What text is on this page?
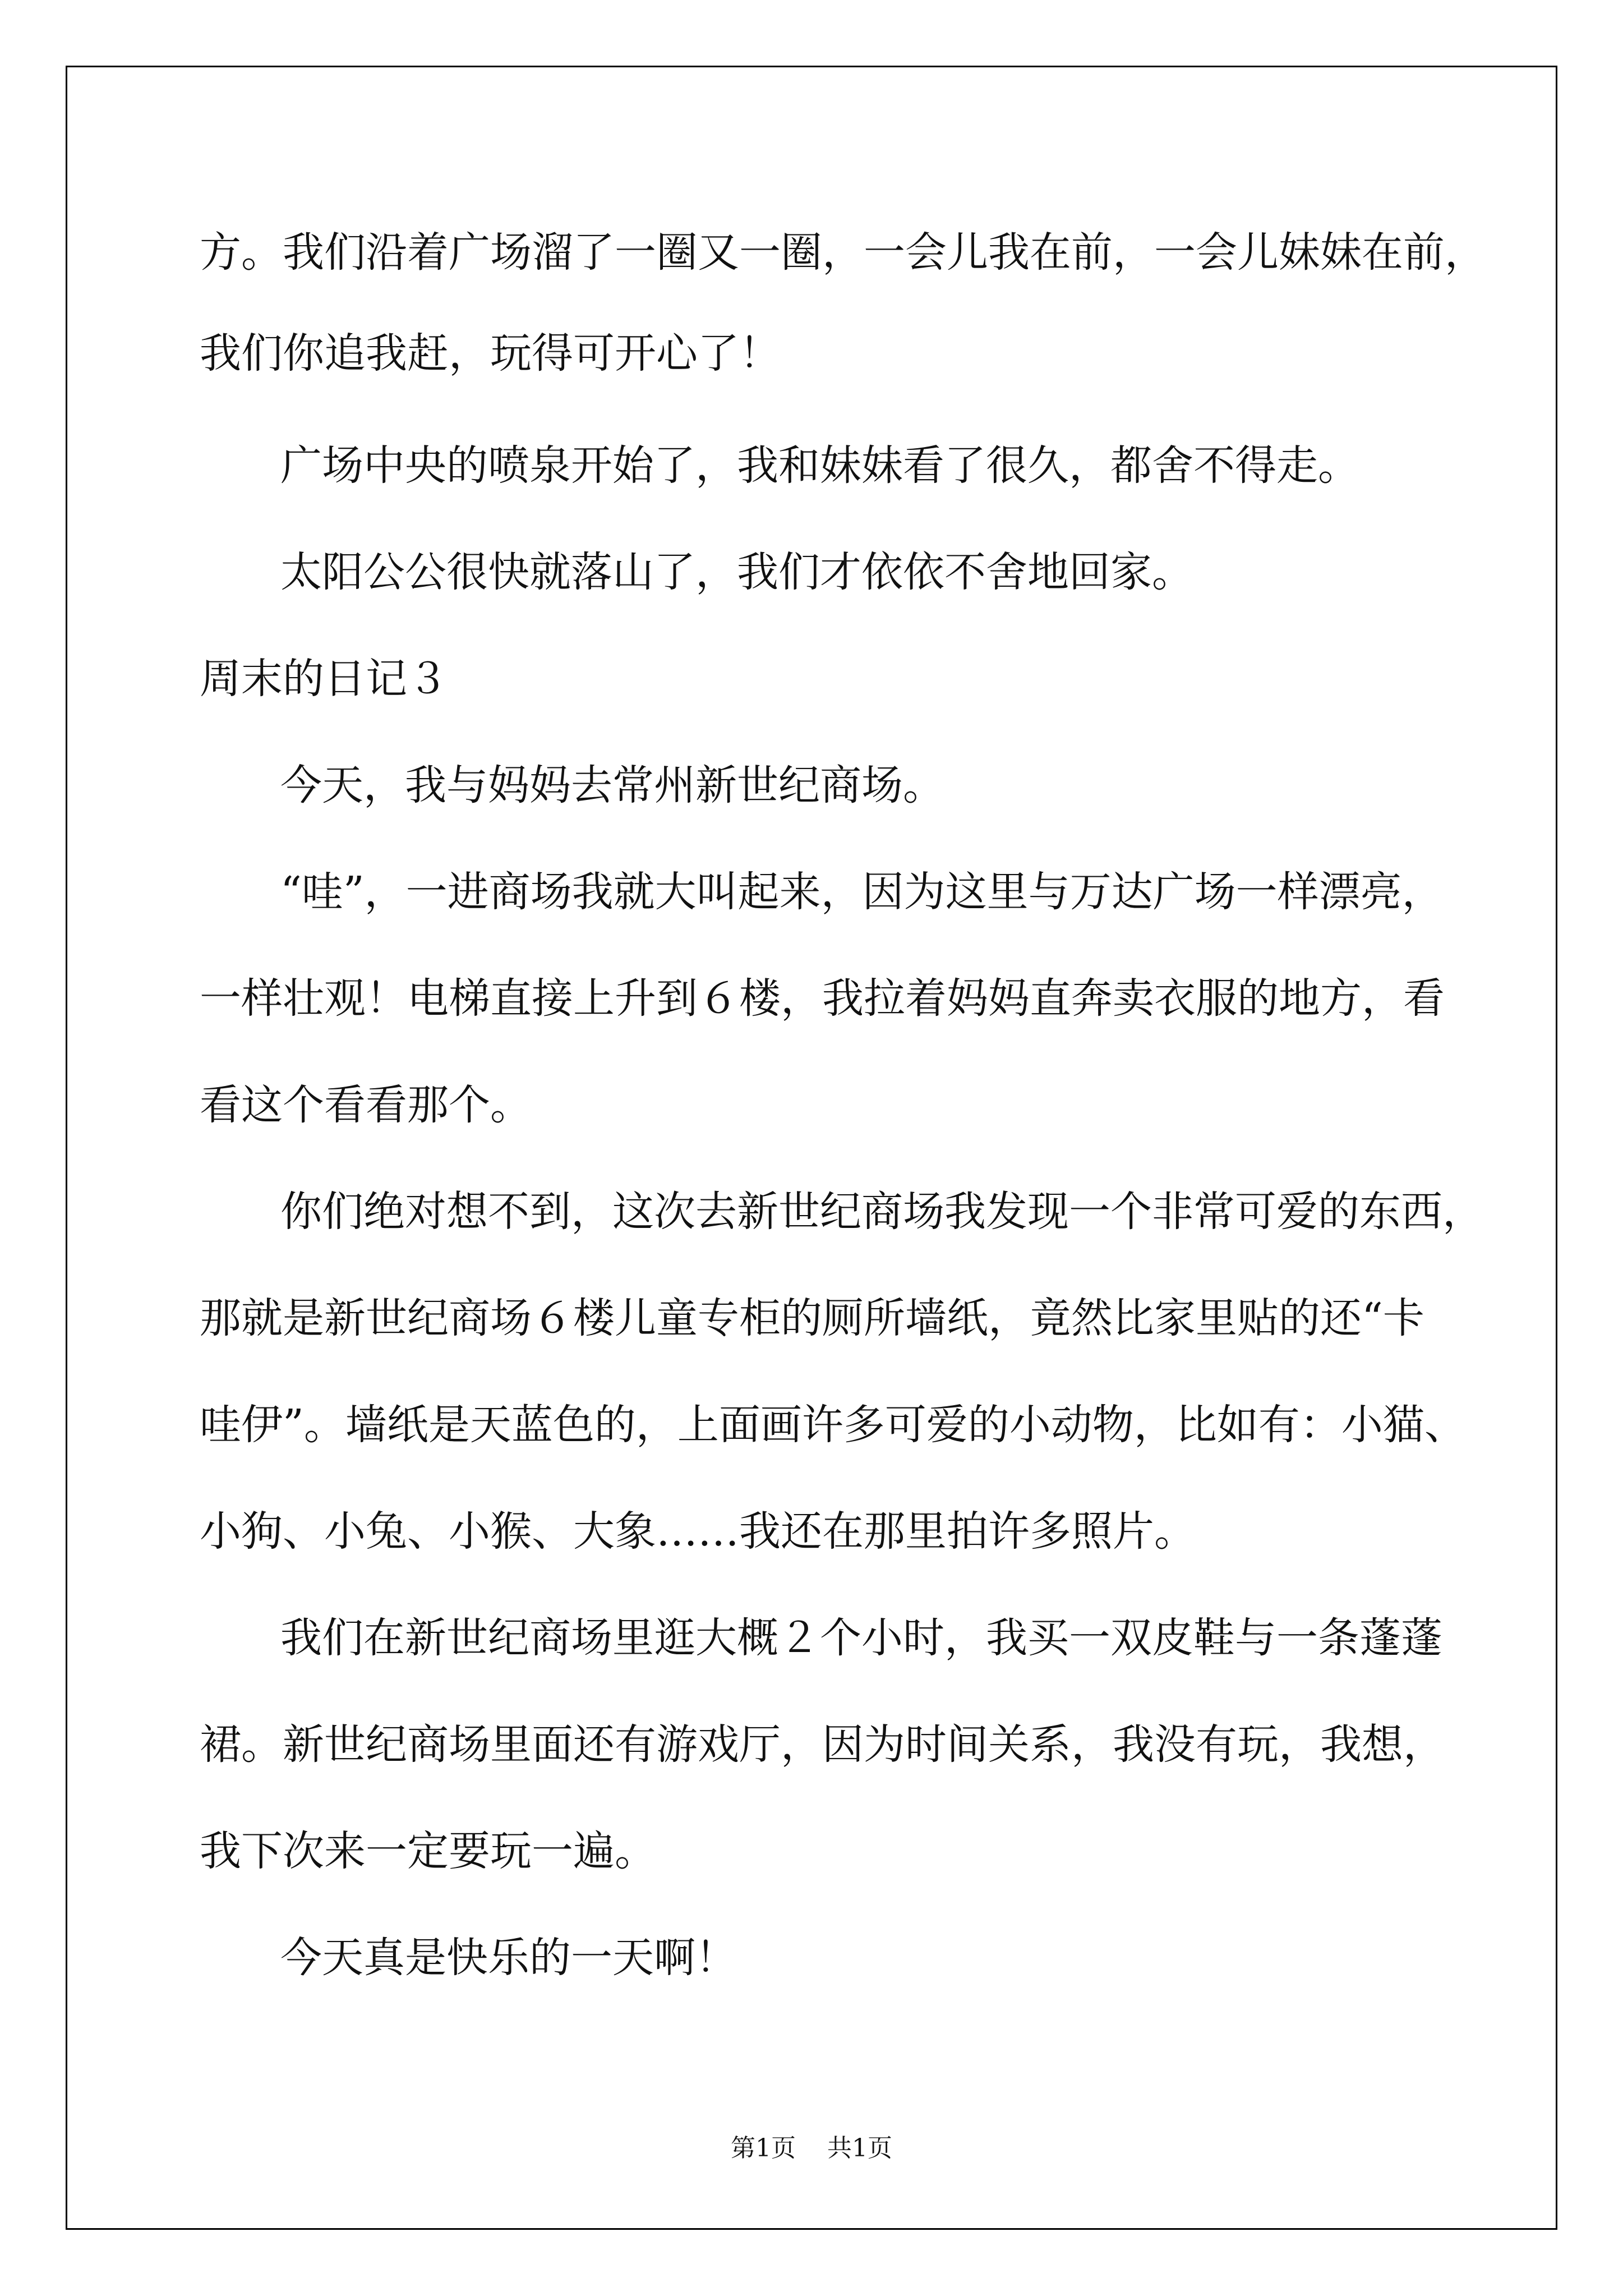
方。我们沿着广场溜了一圈又一圈，一会儿我在前，一会儿妹妹在前，
我们你追我赶，玩得可开心了！
广场中央的喷泉开始了，我和妹妹看了很久，都舍不得走。
太阳公公很快就落山了，我们才依依不舍地回家。
周末的日记３
今天，我与妈妈去常州新世纪商场。
“哇”，一进商场我就大叫起来，因为这里与万达广场一样漂亮，
一样壮观！电梯直接上升到６楼，我拉着妈妈直奔卖衣服的地方，看
看这个看看那个。
你们绝对想不到，这次去新世纪商场我发现一个非常可爱的东西，
那就是新世纪商场６楼儿童专柜的厕所墙纸，竟然比家里贴的还“卡
哇伊”。墙纸是天蓝色的，上面画许多可爱的小动物，比如有：小猫、
小狗、小兔、小猴、大象……我还在那里拍许多照片。
我们在新世纪商场里逛大概２个小时，我买一双皮鞋与一条蓬蓬
裙。新世纪商场里面还有游戏厅，因为时间关系，我没有玩，我想，
我下次来一定要玩一遍。
今天真是快乐的一天啊！
第1页    共1页
